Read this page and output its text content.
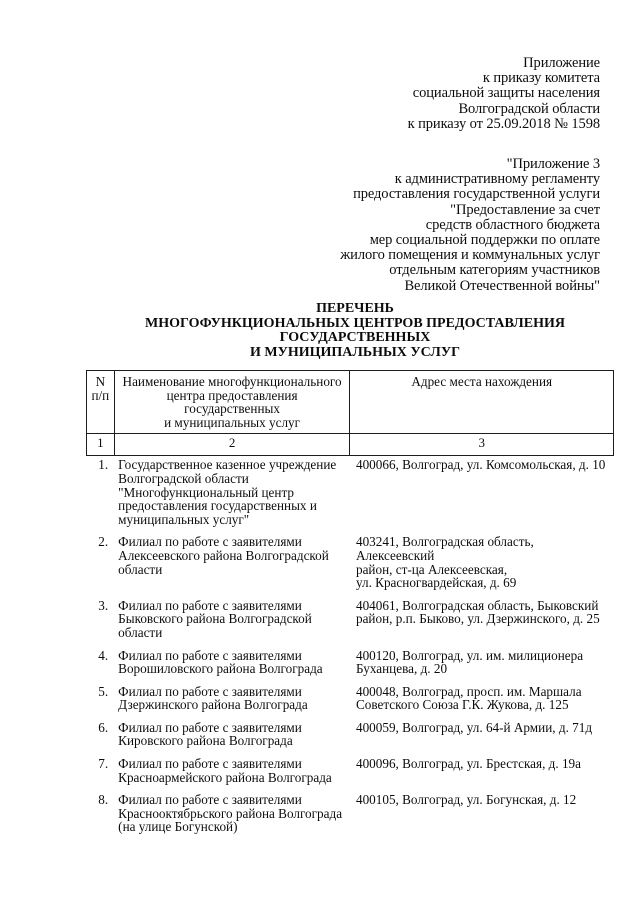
Приложение
к приказу комитета
социальной защиты населения
Волгоградской области
к приказу от 25.09.2018 № 1598
"Приложение 3
к административному регламенту
предоставления государственной услуги
"Предоставление за счет
средств областного бюджета
мер социальной поддержки по оплате
жилого помещения и коммунальных услуг
отдельным категориям участников
Великой Отечественной войны"
ПЕРЕЧЕНЬ
МНОГОФУНКЦИОНАЛЬНЫХ ЦЕНТРОВ ПРЕДОСТАВЛЕНИЯ
ГОСУДАРСТВЕННЫХ
И МУНИЦИПАЛЬНЫХ УСЛУГ
N
п/п	Наименование многофункционального
центра предоставления государственных
и муниципальных услуг	Адрес места нахождения
1	2	3

1.	Государственное казенное учреждение
Волгоградской области
"Многофункциональный центр
предоставления государственных и
муниципальных услуг"	400066, Волгоград, ул. Комсомольская, д. 10

2.	Филиал по работе с заявителями
Алексеевского района Волгоградской
области	403241, Волгоградская область, Алексеевский
район, ст-ца Алексеевская,
ул. Красногвардейская, д. 69

3.	Филиал по работе с заявителями
Быковского района Волгоградской
области	404061, Волгоградская область, Быковский
район, р.п. Быково, ул. Дзержинского, д. 25

4.	Филиал по работе с заявителями
Ворошиловского района Волгограда	400120, Волгоград, ул. им. милиционера
Буханцева, д. 20

5.	Филиал по работе с заявителями
Дзержинского района Волгограда	400048, Волгоград, просп. им. Маршала
Советского Союза Г.К. Жукова, д. 125

6.	Филиал по работе с заявителями
Кировского района Волгограда	400059, Волгоград, ул. 64-й Армии, д. 71д

7.	Филиал по работе с заявителями
Красноармейского района Волгограда	400096, Волгоград, ул. Брестская, д. 19а

8.	Филиал по работе с заявителями
Краснооктябрьского района Волгограда
(на улице Богунской)	400105, Волгоград, ул. Богунская, д. 12
